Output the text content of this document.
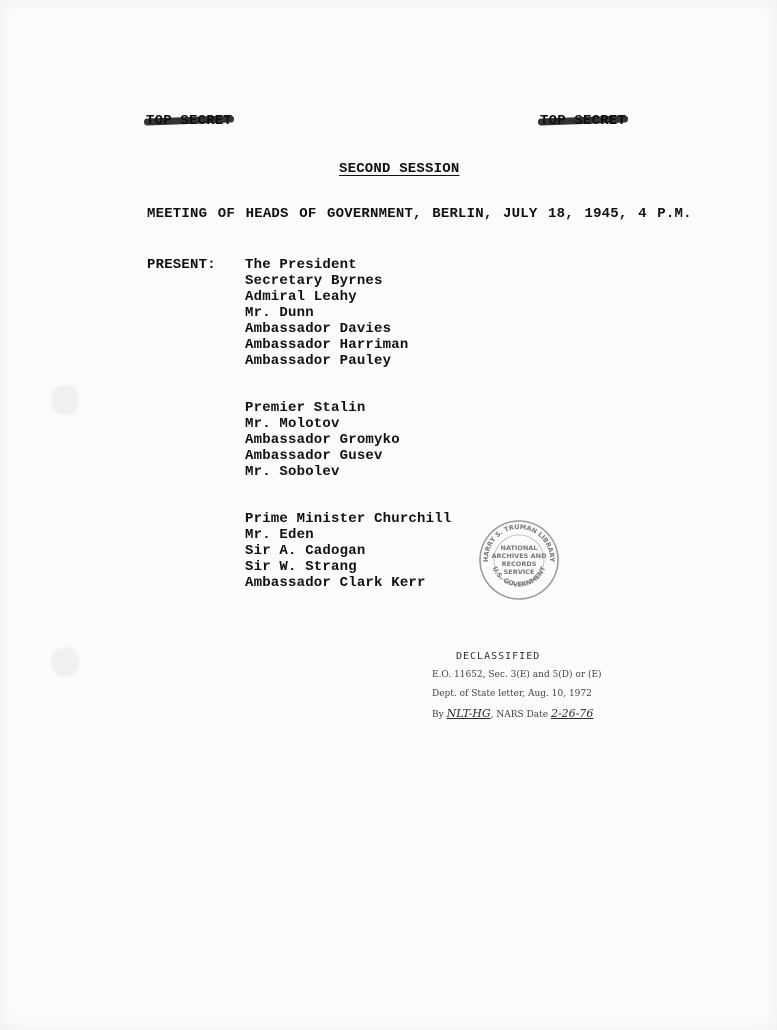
SECOND SESSION
MEETING OF HEADS OF GOVERNMENT, BERLIN, JULY 18, 1945, 4 P.M.
PRESENT: The President
Secretary Byrnes
Admiral Leahy
Mr. Dunn
Ambassador Davies
Ambassador Harriman
Ambassador Pauley
Premier Stalin
Mr. Molotov
Ambassador Gromyko
Ambassador Gusev
Mr. Sobolev
Prime Minister Churchill
Mr. Eden
Sir A. Cadogan
Sir W. Strang
Ambassador Clark Kerr
HARRY S. TRUMAN LIBRARY
U.S. GOVERNMENT
NATIONAL
ARCHIVES AND
RECORDS
SERVICE
DECLASSIFIED
E.O. 11652, Sec. 3(E) and 5(D) or (E)
Dept. of State letter, Aug. 10, 1972
By NLT-HG, NARS Date 2-26-76
